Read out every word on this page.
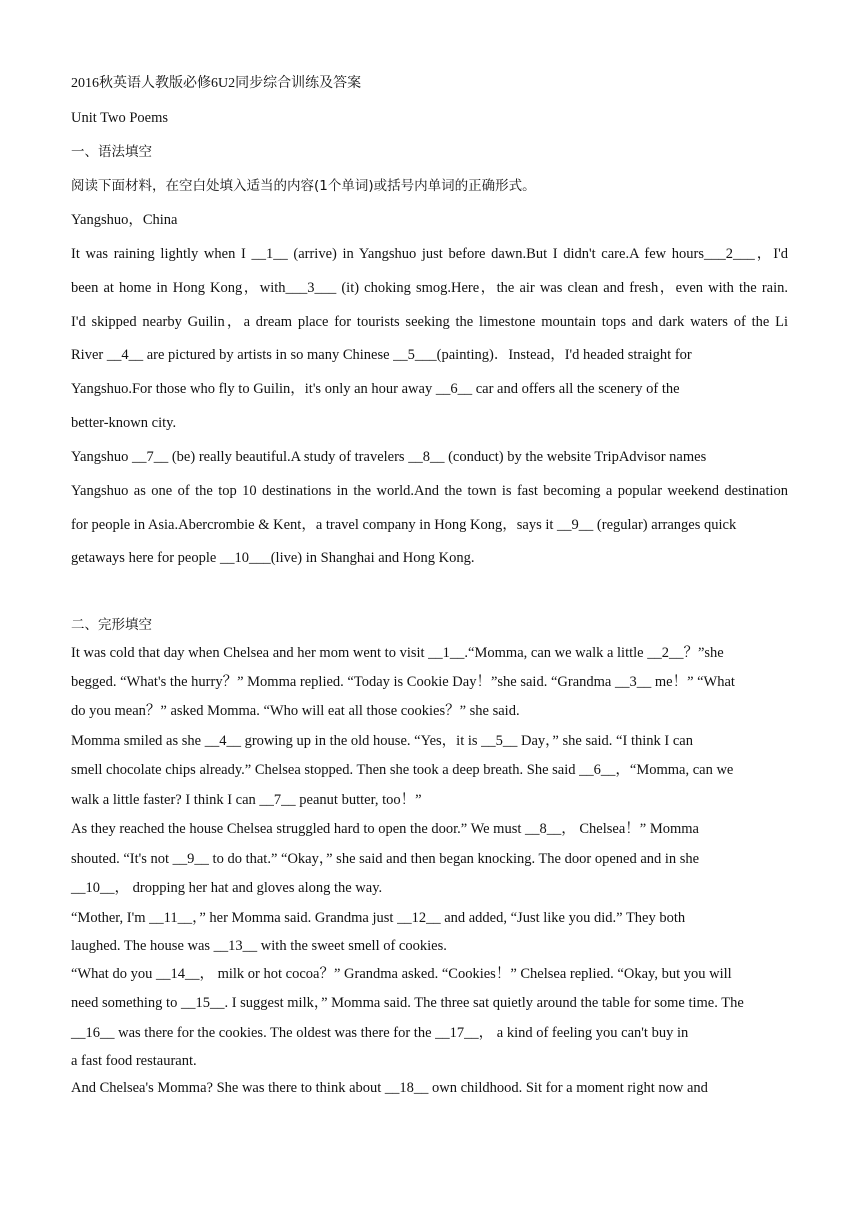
2016秋英语人教版必修6U2同步综合训练及答案
Unit Two Poems
一、语法填空
阅读下面材料，在空白处填入适当的内容(1个单词)或括号内单词的正确形式。
Yangshuo，China
It was raining lightly when I __1__ (arrive) in Yangshuo just before dawn.But I didn't care.A few hours___2___，I'd
been at home in Hong Kong，with___3___ (it) choking smog.Here，the air was clean and fresh，even with the rain.
I'd skipped nearby Guilin，a dream place for tourists seeking the limestone mountain tops and dark waters of the Li
River __4__ are pictured by artists in so many Chinese __5___(painting)．Instead，I'd headed straight for
Yangshuo.For those who fly to Guilin，it's only an hour away __6__ car and offers all the scenery of the
better-known city.
Yangshuo __7__ (be) really beautiful.A study of travelers __8__ (conduct) by the website TripAdvisor names
Yangshuo as one of the top 10 destinations in the world.And the town is fast becoming a popular weekend destination
for people in Asia.Abercrombie & Kent，a travel company in Hong Kong，says it __9__ (regular) arranges quick
getaways here for people __10___(live) in Shanghai and Hong Kong.
二、完形填空
It was cold that day when Chelsea and her mom went to visit __1__.“Momma, can we walk a little __2__？”she
begged. “What's the hurry？” Momma replied. “Today is Cookie Day！”she said. “Grandma __3__ me！” “What
do you mean？” asked Momma. “Who will eat all those cookies？” she said.
Momma smiled as she __4__ growing up in the old house. “Yes，it is __5__ Day，” she said. “I think I can
smell chocolate chips already.” Chelsea stopped. Then she took a deep breath. She said __6__，“Momma, can we
walk a little faster? I think I can __7__ peanut butter, too！”
As they reached the house Chelsea struggled hard to open the door.” We must __8__， Chelsea！” Momma
shouted. “It's not __9__ to do that.” “Okay，” she said and then began knocking. The door opened and in she
__10__， dropping her hat and gloves along the way.
“Mother, I'm __11__，” her Momma said. Grandma just __12__ and added, “Just like you did.” They both
laughed. The house was __13__ with the sweet smell of cookies.
“What do you __14__， milk or hot cocoa？” Grandma asked. “Cookies！” Chelsea replied. “Okay, but you will
need something to __15__. I suggest milk，” Momma said. The three sat quietly around the table for some time. The
__16__ was there for the cookies. The oldest was there for the __17__， a kind of feeling you can't buy in
a fast food restaurant.
And Chelsea's Momma? She was there to think about __18__ own childhood. Sit for a moment right now and
